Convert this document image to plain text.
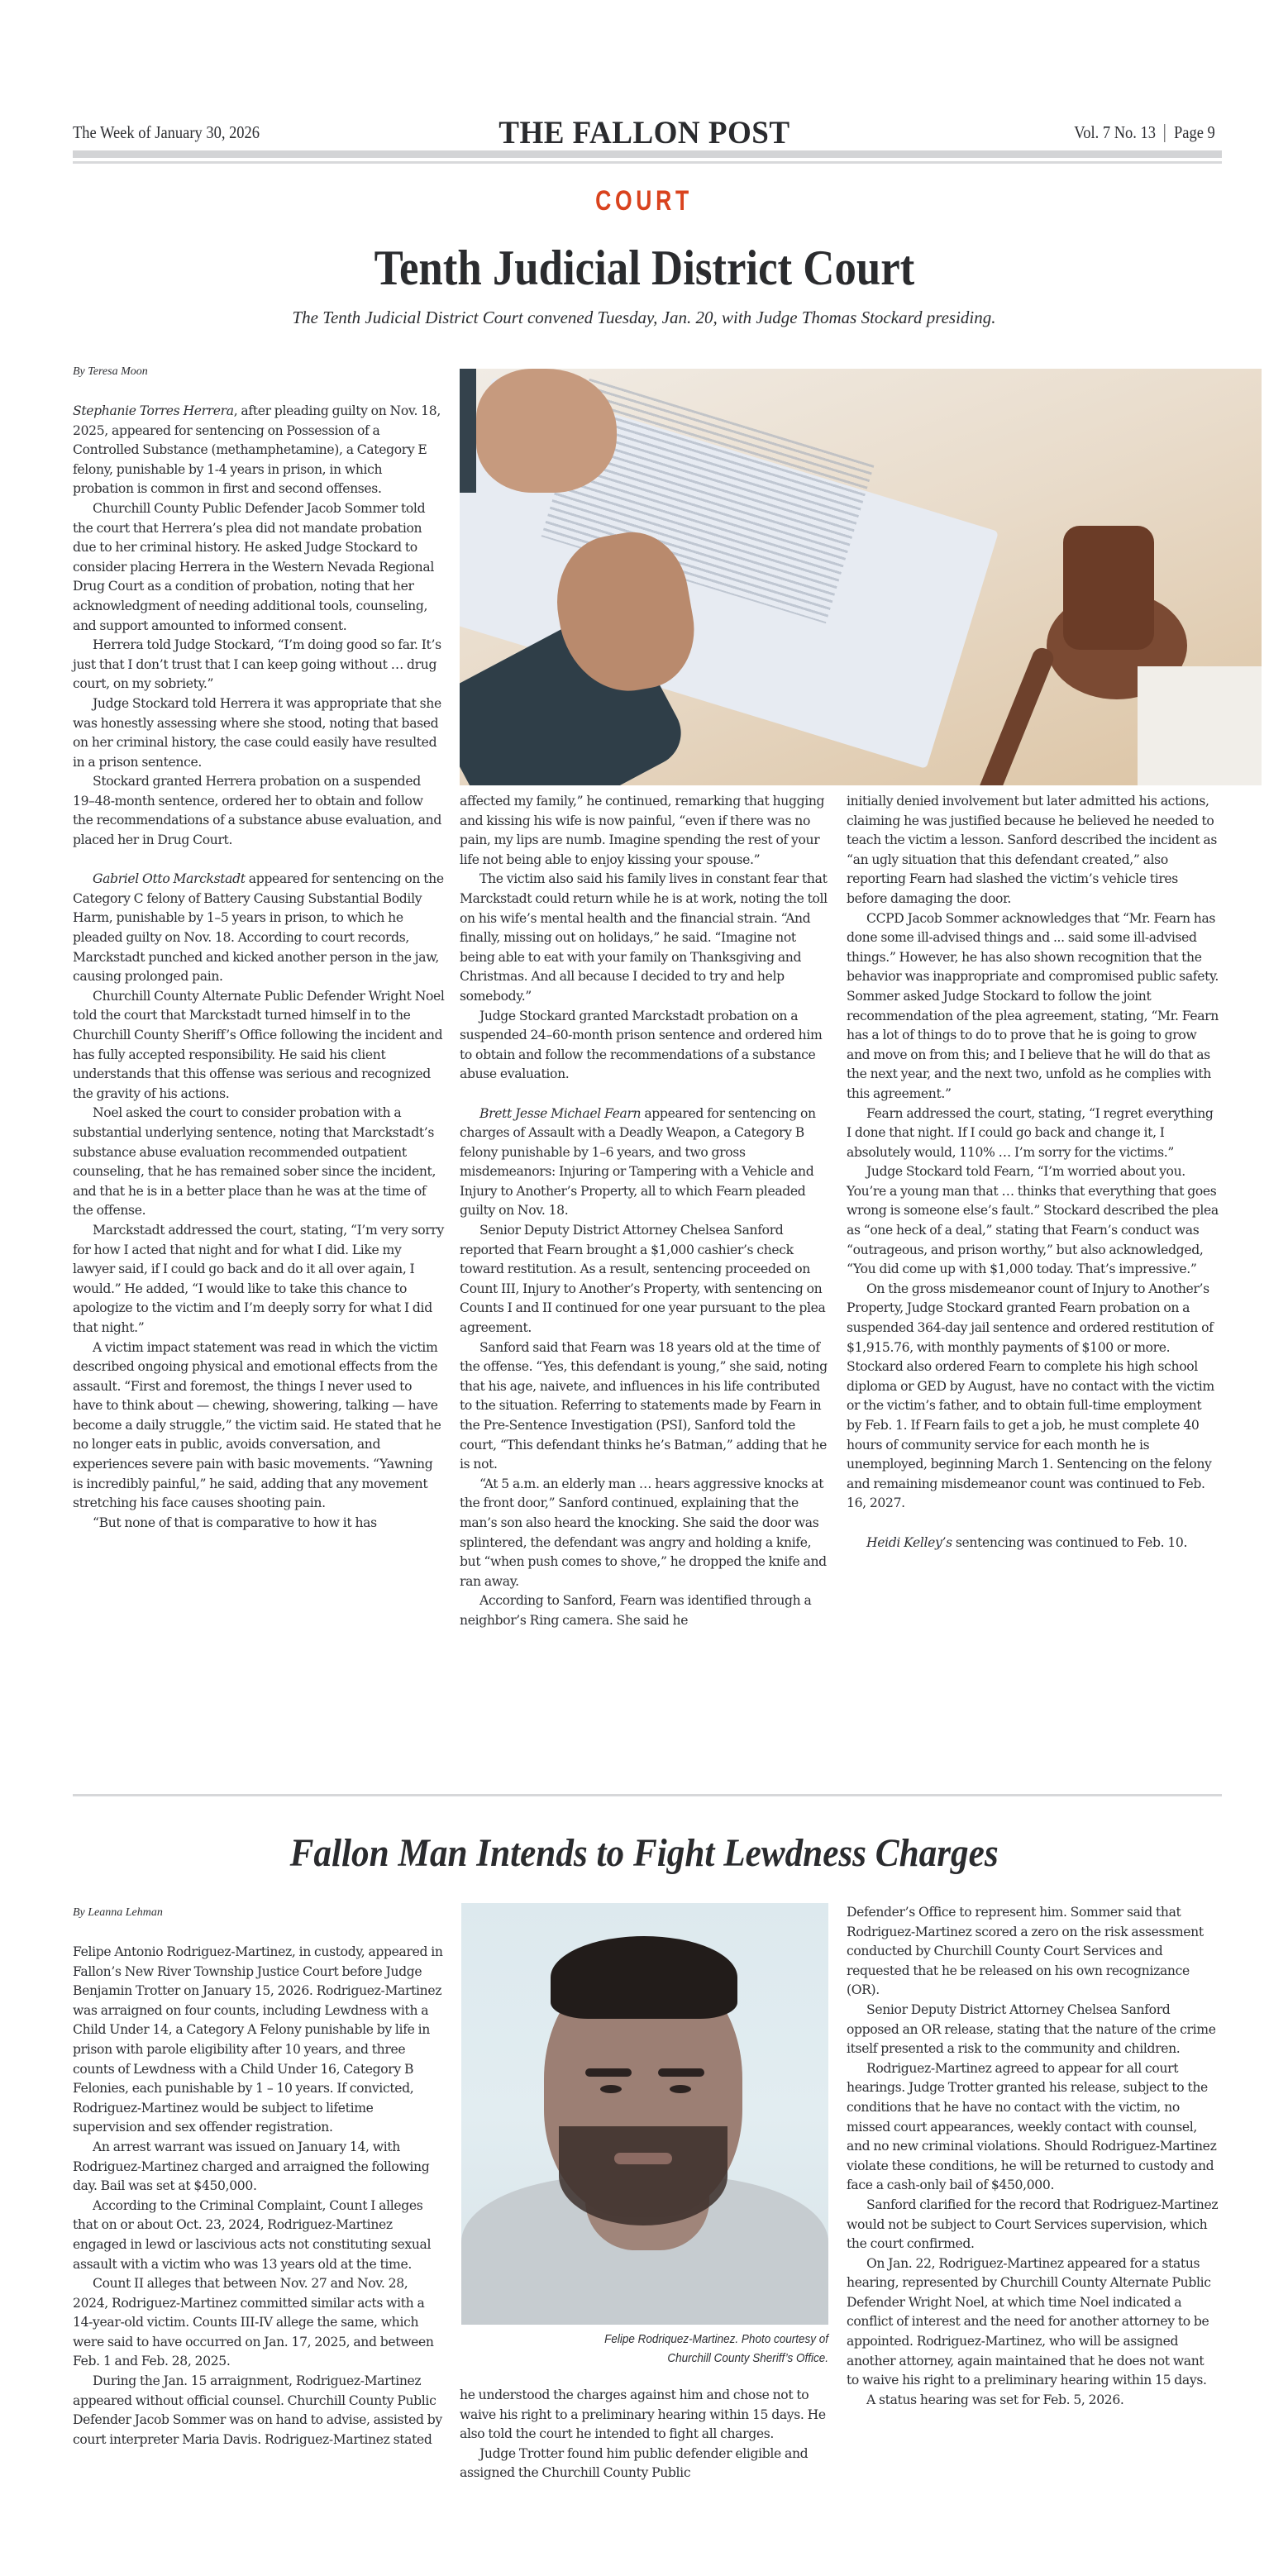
The Week of January 30, 2026	THE FALLON POST	Vol. 7 No. 13 Page 9
COURT
Tenth Judicial District Court
The Tenth Judicial District Court convened Tuesday, Jan. 20, with Judge Thomas Stockard presiding.
By Teresa Moon

Stephanie Torres Herrera, after pleading guilty on Nov. 18, 2025, appeared for sentencing on Possession of a Controlled Substance (methamphetamine), a Category E felony, punishable by 1-4 years in prison, in which probation is common in first and second offenses.

Churchill County Public Defender Jacob Sommer told the court that Herrera’s plea did not mandate probation due to her criminal history. He asked Judge Stockard to consider placing Herrera in the Western Nevada Regional Drug Court as a condition of probation, noting that her acknowledgment of needing additional tools, counseling, and support amounted to informed consent.

Herrera told Judge Stockard, “I’m doing good so far. It’s just that I don’t trust that I can keep going without … drug court, on my sobriety.”

Judge Stockard told Herrera it was appropriate that she was honestly assessing where she stood, noting that based on her criminal history, the case could easily have resulted in a prison sentence.

Stockard granted Herrera probation on a suspended 19–48-month sentence, ordered her to obtain and follow the recommendations of a substance abuse evaluation, and placed her in Drug Court.

Gabriel Otto Marckstadt appeared for sentencing on the Category C felony of Battery Causing Substantial Bodily Harm, punishable by 1–5 years in prison, to which he pleaded guilty on Nov. 18. According to court records, Marckstadt punched and kicked another person in the jaw, causing prolonged pain.

Churchill County Alternate Public Defender Wright Noel told the court that Marckstadt turned himself in to the Churchill County Sheriff’s Office following the incident and has fully accepted responsibility. He said his client understands that this offense was serious and recognized the gravity of his actions.

Noel asked the court to consider probation with a substantial underlying sentence, noting that Marckstadt’s substance abuse evaluation recommended outpatient counseling, that he has remained sober since the incident, and that he is in a better place than he was at the time of the offense.

Marckstadt addressed the court, stating, “I’m very sorry for how I acted that night and for what I did. Like my lawyer said, if I could go back and do it all over again, I would.” He added, “I would like to take this chance to apologize to the victim and I’m deeply sorry for what I did that night.”

A victim impact statement was read in which the victim described ongoing physical and emotional effects from the assault. “First and foremost, the things I never used to have to think about — chewing, showering, talking — have become a daily struggle,” the victim said. He stated that he no longer eats in public, avoids conversation, and experiences severe pain with basic movements. “Yawning is incredibly painful,” he said, adding that any movement stretching his face causes shooting pain.

“But none of that is comparative to how it has

affected my family,” he continued, remarking that hugging and kissing his wife is now painful, “even if there was no pain, my lips are numb. Imagine spending the rest of your life not being able to enjoy kissing your spouse.”

The victim also said his family lives in constant fear that Marckstadt could return while he is at work, noting the toll on his wife’s mental health and the financial strain. “And finally, missing out on holidays,” he said. “Imagine not being able to eat with your family on Thanksgiving and Christmas. And all because I decided to try and help somebody.”

Judge Stockard granted Marckstadt probation on a suspended 24–60-month prison sentence and ordered him to obtain and follow the recommendations of a substance abuse evaluation.

Brett Jesse Michael Fearn appeared for sentencing on charges of Assault with a Deadly Weapon, a Category B felony punishable by 1–6 years, and two gross misdemeanors: Injuring or Tampering with a Vehicle and Injury to Another’s Property, all to which Fearn pleaded guilty on Nov. 18.

Senior Deputy District Attorney Chelsea Sanford reported that Fearn brought a $1,000 cashier’s check toward restitution. As a result, sentencing proceeded on Count III, Injury to Another’s Property, with sentencing on Counts I and II continued for one year pursuant to the plea agreement.

Sanford said that Fearn was 18 years old at the time of the offense. “Yes, this defendant is young,” she said, noting that his age, naivete, and influences in his life contributed to the situation. Referring to statements made by Fearn in the Pre-Sentence Investigation (PSI), Sanford told the court, “This defendant thinks he’s Batman,” adding that he is not.

“At 5 a.m. an elderly man … hears aggressive knocks at the front door,” Sanford continued, explaining that the man’s son also heard the knocking. She said the door was splintered, the defendant was angry and holding a knife, but “when push comes to shove,” he dropped the knife and ran away.

According to Sanford, Fearn was identified through a neighbor’s Ring camera. She said he

initially denied involvement but later admitted his actions, claiming he was justified because he believed he needed to teach the victim a lesson. Sanford described the incident as “an ugly situation that this defendant created,” also reporting Fearn had slashed the victim’s vehicle tires before damaging the door.

CCPD Jacob Sommer acknowledges that “Mr. Fearn has done some ill-advised things and ... said some ill-advised things.” However, he has also shown recognition that the behavior was inappropriate and compromised public safety. Sommer asked Judge Stockard to follow the joint recommendation of the plea agreement, stating, “Mr. Fearn has a lot of things to do to prove that he is going to grow and move on from this; and I believe that he will do that as the next year, and the next two, unfold as he complies with this agreement.”

Fearn addressed the court, stating, “I regret everything I done that night. If I could go back and change it, I absolutely would, 110% … I’m sorry for the victims.”

Judge Stockard told Fearn, “I’m worried about you. You’re a young man that … thinks that everything that goes wrong is someone else’s fault.” Stockard described the plea as “one heck of a deal,” stating that Fearn’s conduct was “outrageous, and prison worthy,” but also acknowledged, “You did come up with $1,000 today. That’s impressive.”

On the gross misdemeanor count of Injury to Another’s Property, Judge Stockard granted Fearn probation on a suspended 364-day jail sentence and ordered restitution of $1,915.76, with monthly payments of $100 or more. Stockard also ordered Fearn to complete his high school diploma or GED by August, have no contact with the victim or the victim’s father, and to obtain full-time employment by Feb. 1. If Fearn fails to get a job, he must complete 40 hours of community service for each month he is unemployed, beginning March 1. Sentencing on the felony and remaining misdemeanor count was continued to Feb. 16, 2027.

Heidi Kelley’s sentencing was continued to Feb. 10.

Fallon Man Intends to Fight Lewdness Charges
By Leanna Lehman
Felipe Rodriquez-Martinez. Photo courtesy of
Churchill County Sheriff’s Office.

Felipe Antonio Rodriguez-Martinez, in custody, appeared in Fallon’s New River Township Justice Court before Judge Benjamin Trotter on January 15, 2026. Rodriguez-Martinez was arraigned on four counts, including Lewdness with a Child Under 14, a Category A Felony punishable by life in prison with parole eligibility after 10 years, and three counts of Lewdness with a Child Under 16, Category B Felonies, each punishable by 1 – 10 years. If convicted, Rodriguez-Martinez would be subject to lifetime supervision and sex offender registration.

An arrest warrant was issued on January 14, with Rodriguez-Martinez charged and arraigned the following day. Bail was set at $450,000.

According to the Criminal Complaint, Count I alleges that on or about Oct. 23, 2024, Rodriguez-Martinez engaged in lewd or lascivious acts not constituting sexual assault with a victim who was 13 years old at the time.

Count II alleges that between Nov. 27 and Nov. 28, 2024, Rodriguez-Martinez committed similar acts with a 14-year-old victim. Counts III-IV allege the same, which were said to have occurred on Jan. 17, 2025, and between Feb. 1 and Feb. 28, 2025.

During the Jan. 15 arraignment, Rodriguez-Martinez appeared without official counsel. Churchill County Public Defender Jacob Sommer was on hand to advise, assisted by court interpreter Maria Davis. Rodriguez-Martinez stated

he understood the charges against him and chose not to waive his right to a preliminary hearing within 15 days. He also told the court he intended to fight all charges.

Judge Trotter found him public defender eligible and assigned the Churchill County Public

Defender’s Office to represent him. Sommer said that Rodriguez-Martinez scored a zero on the risk assessment conducted by Churchill County Court Services and requested that he be released on his own recognizance (OR).

Senior Deputy District Attorney Chelsea Sanford opposed an OR release, stating that the nature of the crime itself presented a risk to the community and children.

Rodriguez-Martinez agreed to appear for all court hearings. Judge Trotter granted his release, subject to the conditions that he have no contact with the victim, no missed court appearances, weekly contact with counsel, and no new criminal violations. Should Rodriguez-Martinez violate these conditions, he will be returned to custody and face a cash-only bail of $450,000.

Sanford clarified for the record that Rodriguez-Martinez would not be subject to Court Services supervision, which the court confirmed.

On Jan. 22, Rodriguez-Martinez appeared for a status hearing, represented by Churchill County Alternate Public Defender Wright Noel, at which time Noel indicated a conflict of interest and the need for another attorney to be appointed. Rodriguez-Martinez, who will be assigned another attorney, again maintained that he does not want to waive his right to a preliminary hearing within 15 days.

A status hearing was set for Feb. 5, 2026.
